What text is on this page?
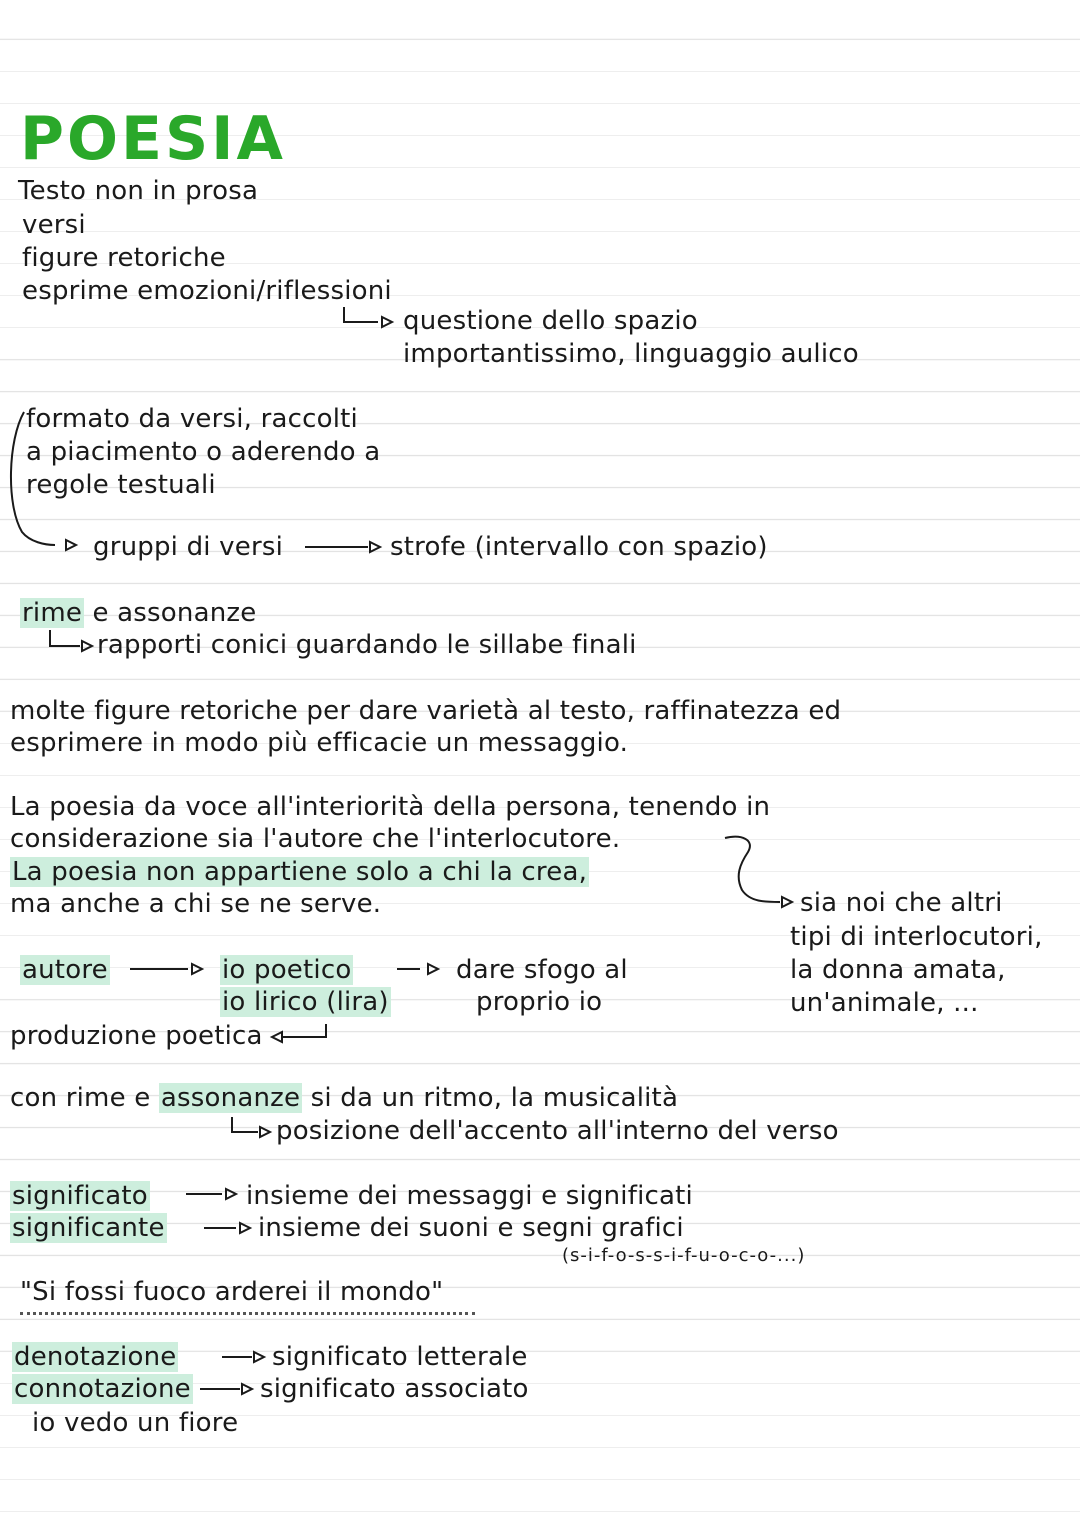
POESIA
Testo non in prosa
versi
figure retoriche
esprime emozioni/riflessioni
questione dello spazio
importantissimo, linguaggio aulico
formato da versi, raccolti
a piacimento o aderendo a
regole testuali
gruppi di versi	strofe (intervallo con spazio)
rime e assonanze
rapporti conici guardando le sillabe finali
molte figure retoriche per dare varietà al testo, raffinatezza ed
esprimere in modo più efficacie un messaggio.
La poesia da voce all'interiorità della persona, tenendo in
considerazione sia l'autore che l'interlocutore.
La poesia non appartiene solo a chi la crea,
ma anche a chi se ne serve.	sia noi che altri
tipi di interlocutori,
la donna amata,
un'animale, ...
autore	io poetico	dare sfogo al
io lirico (lira)	proprio io
produzione poetica
con rime e assonanze si da un ritmo, la musicalità
posizione dell'accento all'interno del verso
significato	insieme dei messaggi e significati
significante	insieme dei suoni e segni grafici
(s-i-f-o-s-s-i-f-u-o-c-o-...)
"Si fossi fuoco arderei il mondo"
denotazione	significato letterale
connotazione	significato associato
io vedo un fiore
